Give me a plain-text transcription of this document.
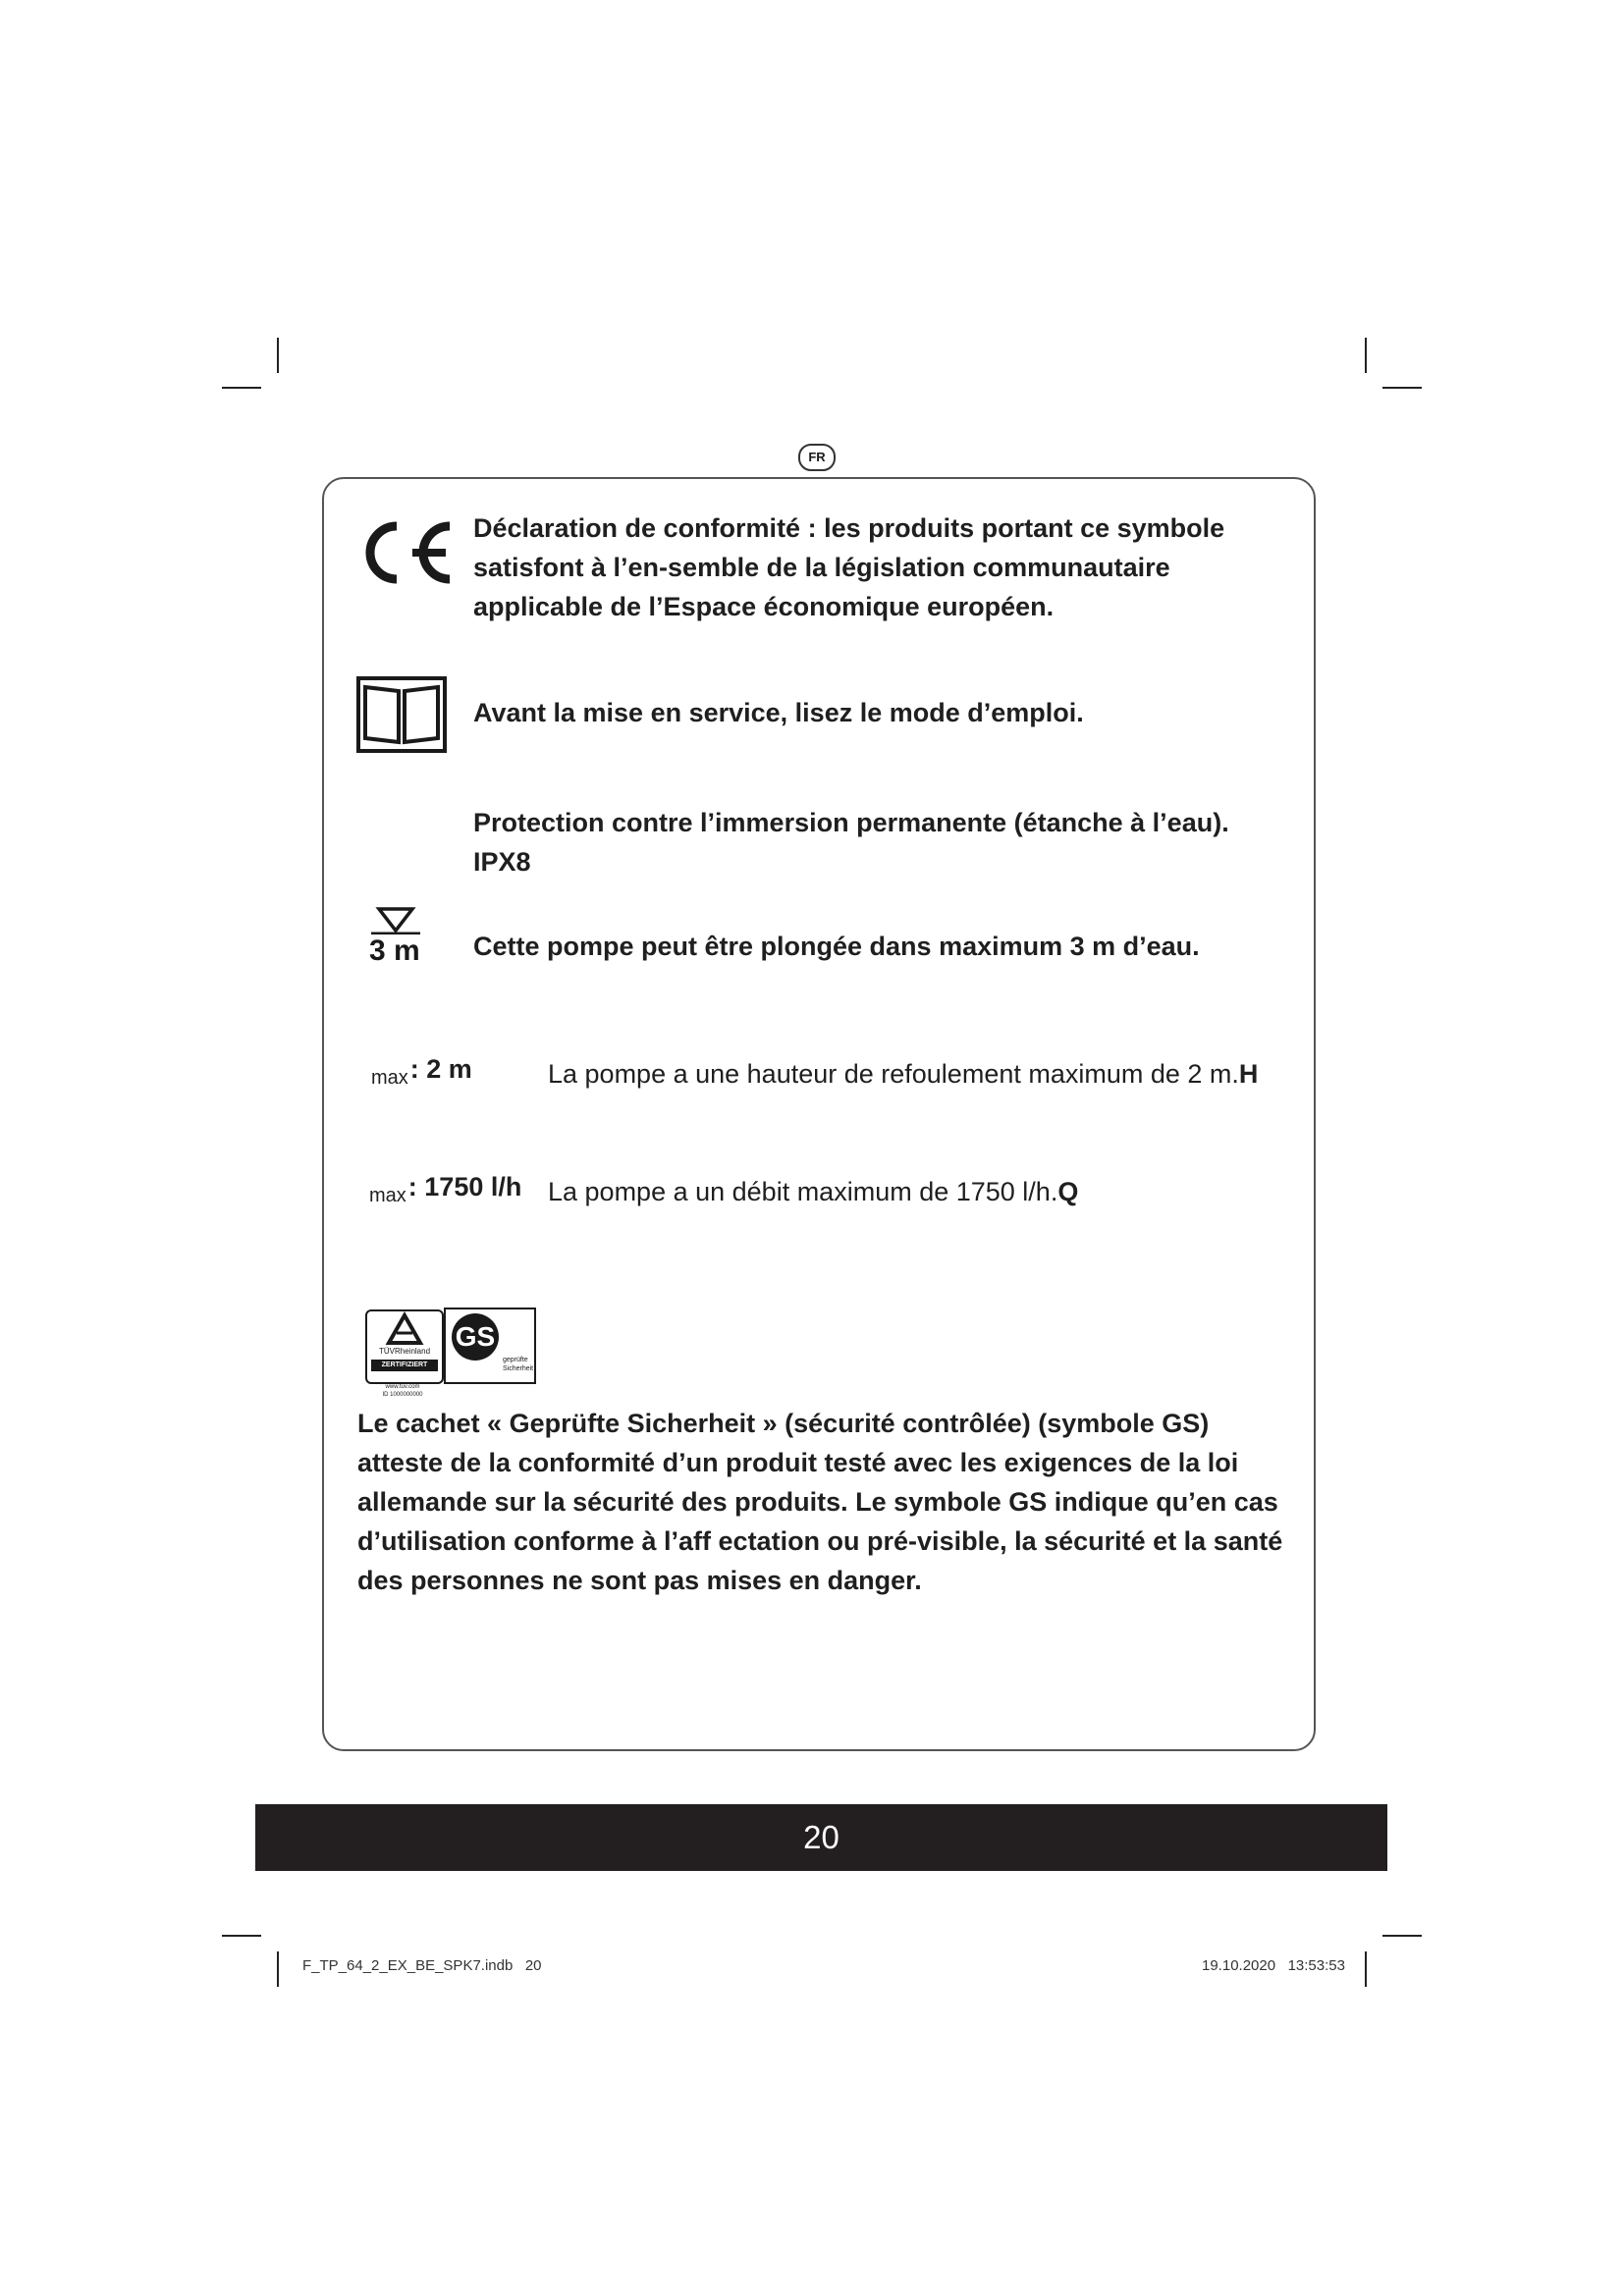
FR
Déclaration de conformité : les produits portant ce symbole satisfont à l’en-semble de la législation communautaire applicable de l’Espace économique européen.
Avant la mise en service, lisez le mode d’emploi.
Protection contre l’immersion permanente (étanche à l’eau). IPX8
3 m Cette pompe peut être plongée dans maximum 3 m d’eau.
$_{max}$: 2 m	La pompe a une hauteur de refoulement maximum de 2 m.H
$_{max}$: 1750 l/h La pompe a un débit maximum de 1750 l/h.Q
TÜVRheinland
ZERTIFIZIERT
www.tuv.com
ID 1000000000
GS
geprüfte
Sicherheit
Le cachet « Geprüfte Sicherheit » (sécurité contrôlée) (symbole GS) atteste de la conformité d’un produit testé avec les exigences de la loi allemande sur la sécurité des produits. Le symbole GS indique qu’en cas d’utilisation conforme à l’aff ectation ou pré-visible, la sécurité et la santé des personnes ne sont pas mises en danger.
20
F_TP_64_2_EX_BE_SPK7.indb   20	19.10.2020   13:53:53
